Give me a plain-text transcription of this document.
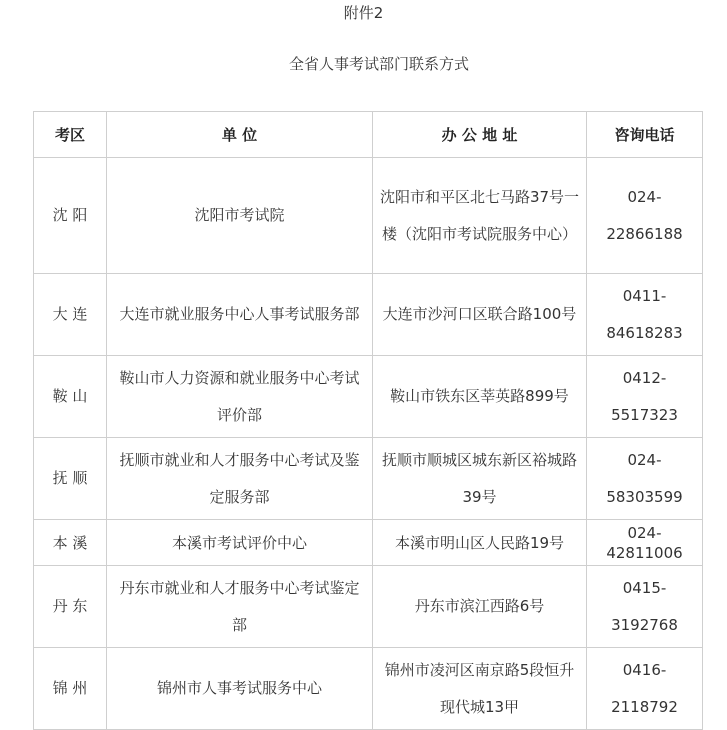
附件2
全省人事考试部门联系方式
考区	单 位	办 公 地 址	咨询电话
沈 阳	沈阳市考试院	沈阳市和平区北七马路37号一楼（沈阳市考试院服务中心）	024-22866188
大 连	大连市就业服务中心人事考试服务部	大连市沙河口区联合路100号	0411-84618283
鞍 山	鞍山市人力资源和就业服务中心考试评价部	鞍山市铁东区莘英路899号	0412-5517323
抚 顺	抚顺市就业和人才服务中心考试及鉴定服务部	抚顺市顺城区城东新区裕城路39号	024-58303599
本 溪	本溪市考试评价中心	本溪市明山区人民路19号	024-42811006
丹 东	丹东市就业和人才服务中心考试鉴定部	丹东市滨江西路6号	0415-3192768
锦 州	锦州市人事考试服务中心	锦州市凌河区南京路5段恒升现代城13甲	0416-2118792
